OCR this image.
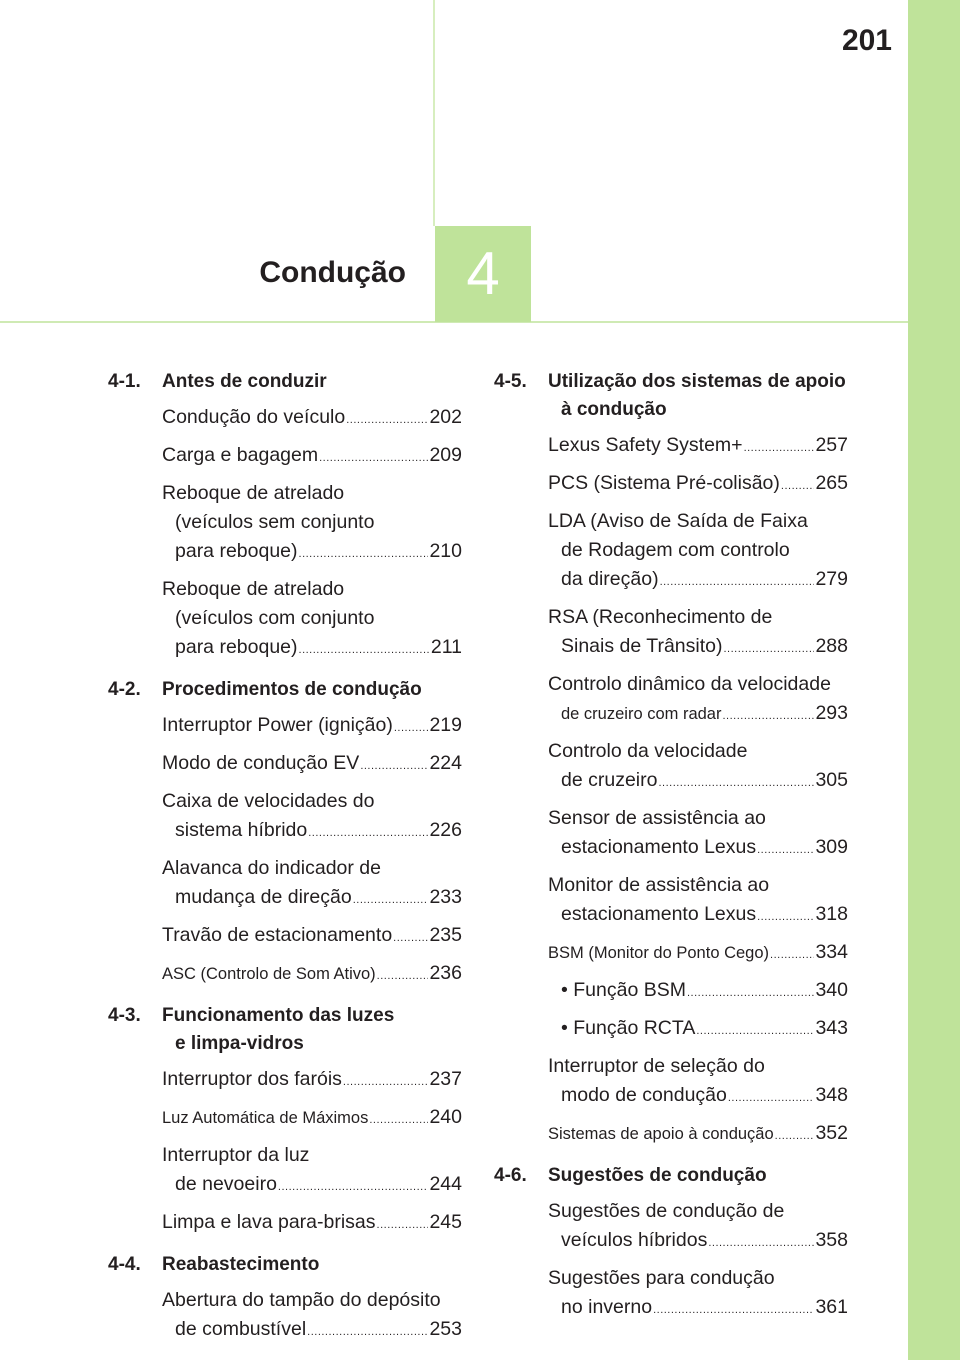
201
Condução 4
4-1.	Antes de conduzir
Condução do veículo .....	202
Carga e bagagem .....	209
Reboque de atrelado
(veículos sem conjunto
para reboque) .....	210
Reboque de atrelado
(veículos com conjunto
para reboque) .....	211
4-2.	Procedimentos de condução
Interruptor Power (ignição) ..... 219
Modo de condução EV .....	224
Caixa de velocidades do
sistema híbrido .....	226
Alavanca do indicador de
mudança de direção .....	233
Travão de estacionamento ..... 235
ASC (Controlo de Som Ativo) .....	236
4-3.	Funcionamento das luzes
e limpa-vidros
Interruptor dos faróis .....	237
Luz Automática de Máximos .....	240
Interruptor da luz
de nevoeiro .....	244
Limpa e lava para-brisas .....	245
4-4.	Reabastecimento
Abertura do tampão do depósito
de combustível .....	253
4-5.	Utilização dos sistemas de apoio
à condução
Lexus Safety System+ .....	257
PCS (Sistema Pré-colisão) ..... 265
LDA (Aviso de Saída de Faixa
de Rodagem com controlo
da direção) .....	279
RSA (Reconhecimento de
Sinais de Trânsito) .....	288
Controlo dinâmico da velocidade
de cruzeiro com radar .....	293
Controlo da velocidade
de cruzeiro .....	305
Sensor de assistência ao
estacionamento Lexus .....	309
Monitor de assistência ao
estacionamento Lexus .....	318
BSM (Monitor do Ponto Cego) ..... 334
• Função BSM .....	340
• Função RCTA .....	343
Interruptor de seleção do
modo de condução .....	348
Sistemas de apoio à condução ..... 352
4-6.	Sugestões de condução
Sugestões de condução de
veículos híbridos .....	358
Sugestões para condução
no inverno .....	361
